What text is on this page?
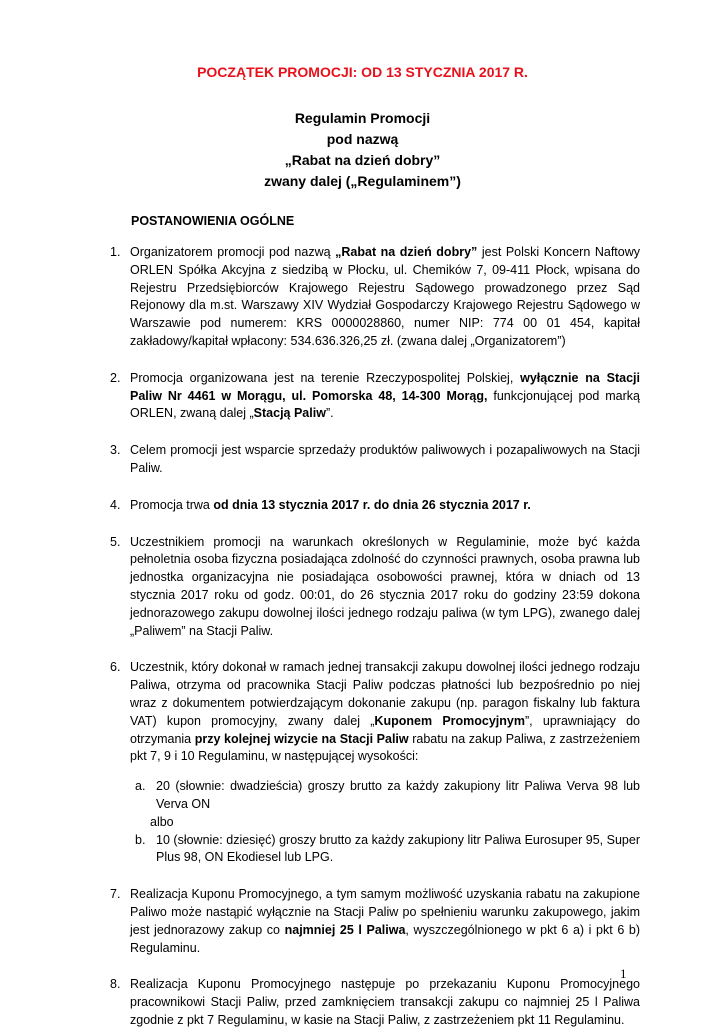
POCZĄTEK PROMOCJI: OD 13 STYCZNIA 2017 R.
Regulamin Promocji
pod nazwą
„Rabat na dzień dobry”
zwany dalej („Regulaminem”)
POSTANOWIENIA OGÓLNE
1. Organizatorem promocji pod nazwą „Rabat na dzień dobry” jest Polski Koncern Naftowy ORLEN Spółka Akcyjna z siedzibą w Płocku, ul. Chemików 7, 09-411 Płock, wpisana do Rejestru Przedsiębiorców Krajowego Rejestru Sądowego prowadzonego przez Sąd Rejonowy dla m.st. Warszawy XIV Wydział Gospodarczy Krajowego Rejestru Sądowego w Warszawie pod numerem: KRS 0000028860, numer NIP: 774 00 01 454, kapitał zakładowy/kapitał wpłacony: 534.636.326,25 zł. (zwana dalej „Organizatorem”)
2. Promocja organizowana jest na terenie Rzeczypospolitej Polskiej, wyłącznie na Stacji Paliw Nr 4461 w Morągu, ul. Pomorska 48, 14-300 Morąg, funkcjonującej pod marką ORLEN, zwaną dalej „Stacją Paliw”.
3. Celem promocji jest wsparcie sprzedaży produktów paliwowych i pozapaliwowych na Stacji Paliw.
4. Promocja trwa od dnia 13 stycznia 2017 r. do dnia 26 stycznia 2017 r.
5. Uczestnikiem promocji na warunkach określonych w Regulaminie, może być każda pełnoletnia osoba fizyczna posiadająca zdolność do czynności prawnych, osoba prawna lub jednostka organizacyjna nie posiadająca osobowości prawnej, która w dniach od 13 stycznia 2017 roku od godz. 00:01, do 26 stycznia 2017 roku do godziny 23:59 dokona jednorazowego zakupu dowolnej ilości jednego rodzaju paliwa (w tym LPG), zwanego dalej „Paliwem” na Stacji Paliw.
6. Uczestnik, który dokonał w ramach jednej transakcji zakupu dowolnej ilości jednego rodzaju Paliwa, otrzyma od pracownika Stacji Paliw podczas płatności lub bezpośrednio po niej wraz z dokumentem potwierdzającym dokonanie zakupu (np. paragon fiskalny lub faktura VAT) kupon promocyjny, zwany dalej „Kuponem Promocyjnym”, uprawniający do otrzymania przy kolejnej wizycie na Stacji Paliw rabatu na zakup Paliwa, z zastrzeżeniem pkt 7, 9 i 10 Regulaminu, w następującej wysokości:
a. 20 (słownie: dwadzieścia) groszy brutto za każdy zakupiony litr Paliwa Verva 98 lub Verva ON
albo
b. 10 (słownie: dziesięć) groszy brutto za każdy zakupiony litr Paliwa Eurosuper 95, Super Plus 98, ON Ekodiesel lub LPG.
7. Realizacja Kuponu Promocyjnego, a tym samym możliwość uzyskania rabatu na zakupione Paliwo może nastąpić wyłącznie na Stacji Paliw po spełnieniu warunku zakupowego, jakim jest jednorazowy zakup co najmniej 25 l Paliwa, wyszczególnionego w pkt 6 a) i pkt 6 b) Regulaminu.
8. Realizacja Kuponu Promocyjnego następuje po przekazaniu Kuponu Promocyjnego pracownikowi Stacji Paliw, przed zamknięciem transakcji zakupu co najmniej 25 l Paliwa zgodnie z pkt 7 Regulaminu, w kasie na Stacji Paliw, z zastrzeżeniem pkt 11 Regulaminu.
1
